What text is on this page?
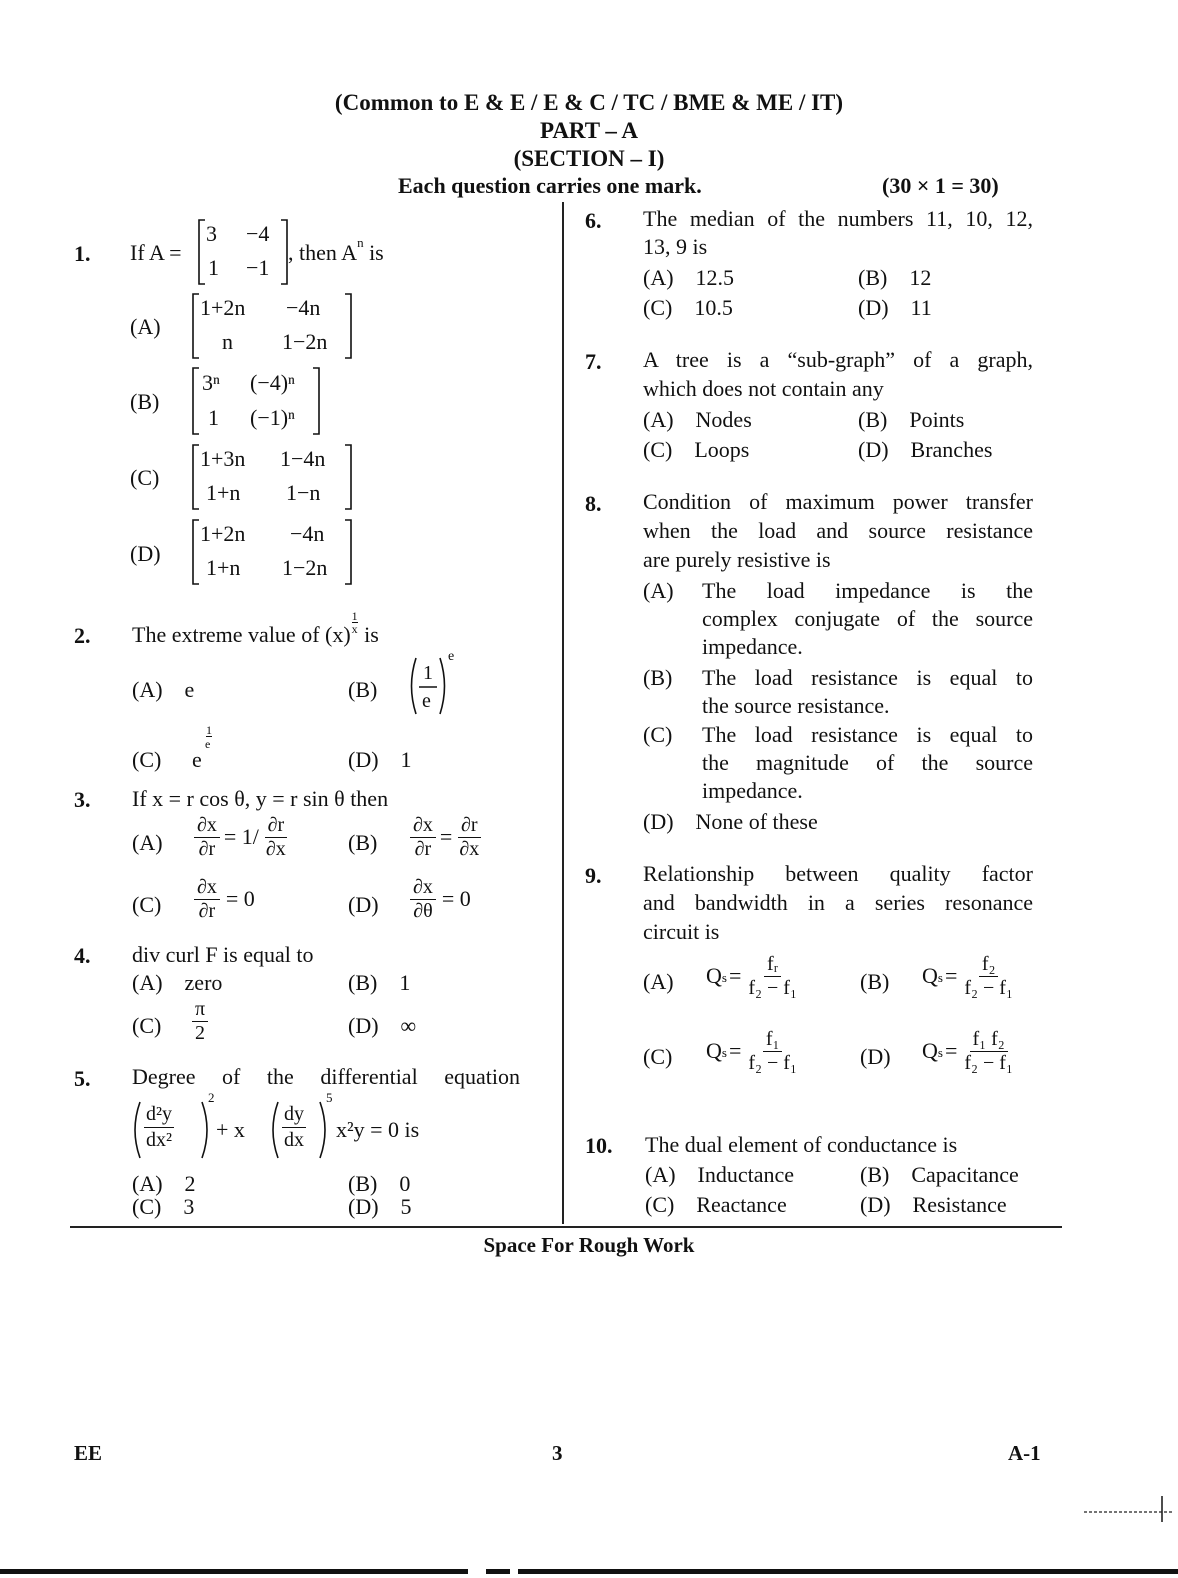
(Common to E & E / E & C / TC / BME & ME / IT)
PART – A
(SECTION – I)
Each question carries one mark.	(30 × 1 = 30)
1. If A =
3 −4
1 −1
, then $A^n$ is
(A)
1+2n −4n
n 1−2n
(B)
3ⁿ (−4)ⁿ
1 (−1)ⁿ
(C)
1+3n 1−4n
1+n 1−n
(D)
1+2n −4n
1+n 1−2n
2. The extreme value of $(x) \frac{1}{x}$ is
(A) e	(B)
1
e
e
(C) e
1
e
(D) 1
3. If x = r cos θ, y = r sin θ then
$(A) \frac{\partial x}{\partial r} = 1/ \frac{\partial r}{\partial x}$	$(B) \frac{\partial x}{\partial r} = \frac{\partial r}{\partial x}$
$(C) \frac{\partial x}{\partial r} = 0$	$(D) \frac{\partial x}{\partial\theta} = 0$
4. div curl F is equal to
(A) zero	(B) 1
$(C) \frac{\pi}{2}$	(D) ∞
5. Degree of the differential equation
d²y
dx²
2
+ x
dy
dx
5
x²y = 0 is
(A) 2	(B) 0
(C) 3	(D) 5
6. The median of the numbers 11, 10, 12,
13, 9 is
(A) 12.5	(B) 12
(C) 10.5	(D) 11
7. A tree is a “sub-graph” of a graph,
which does not contain any
(A) Nodes	(B) Points
(C) Loops	(D) Branches
8. Condition of maximum power transfer
when the load and source resistance
are purely resistive is
(A) The load impedance is the
complex conjugate of the source
impedance.
(B) The load resistance is equal to
the source resistance.
(C) The load resistance is equal to
the magnitude of the source
impedance.
(D) None of these
9. Relationship between quality factor
and bandwidth in a series resonance
circuit is
(A) $Q_s = \frac{\text{fᵣ}}{\text{f₂ − f₁}}$	(B) $Q_s = \frac{\text{f₂}}{\text{f₂ − f₁}}$
(C) $Q_s = \frac{\text{f₁}}{\text{f₂ − f₁}}$	(D) $Q_s = \frac{\text{f₁ f₂}}{\text{f₂ − f₁}}$
10. The dual element of conductance is
(A) Inductance	(B) Capacitance
(C) Reactance	(D) Resistance
Space For Rough Work
EE	3	A-1
